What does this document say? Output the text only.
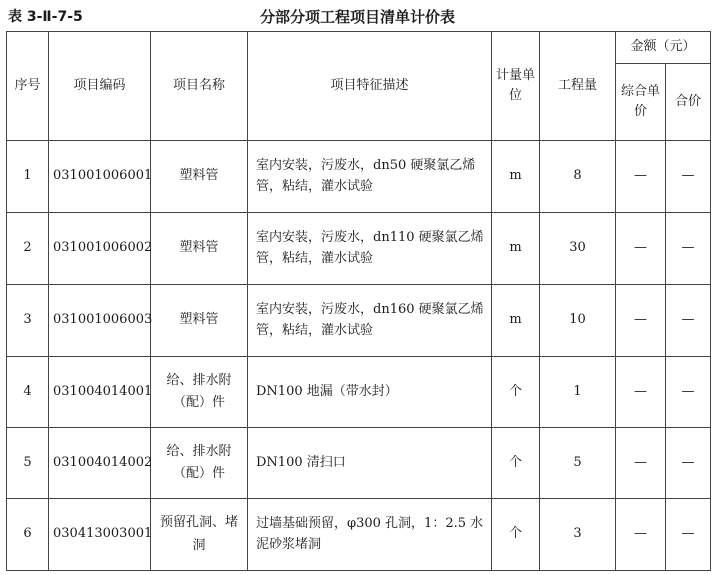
表 3-Ⅱ-7-5	分部分项工程项目清单计价表
序号	项目编码	项目名称	项目特征描述	计量单位	工程量	金额（元）	
						综合单价	合价
1	031001006001	塑料管	室内安装，污废水，dn50 硬聚氯乙烯管，粘结，灌水试验	m	8	—	—
2	031001006002	塑料管	室内安装，污废水，dn110 硬聚氯乙烯管，粘结，灌水试验	m	30	—	—
3	031001006003	塑料管	室内安装，污废水，dn160 硬聚氯乙烯管，粘结，灌水试验	m	10	—	—
4	031004014001	给、排水附（配）件	DN100 地漏（带水封）	个	1	—	—
5	031004014002	给、排水附（配）件	DN100 清扫口	个	5	—	—
6	030413003001	预留孔洞、堵洞	过墙基础预留，φ300 孔洞，1：2.5 水泥砂浆堵洞	个	3	—	—
